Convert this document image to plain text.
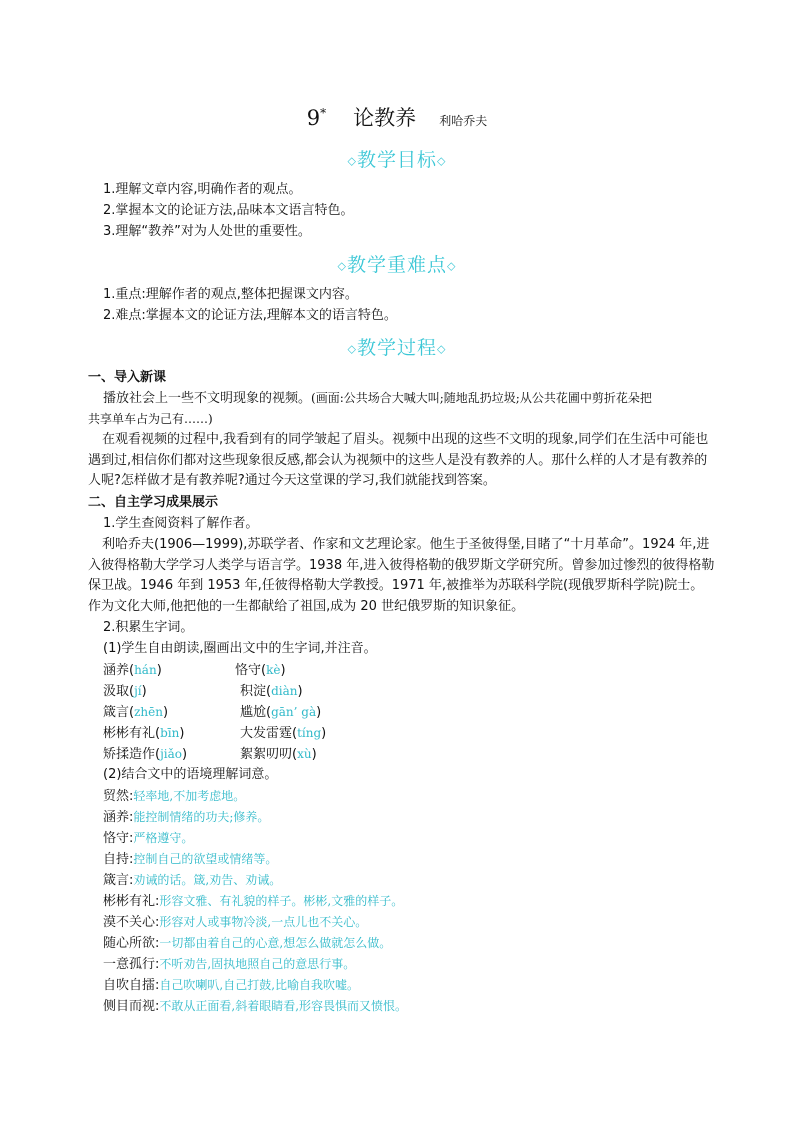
9* 论教养 利哈乔夫
◇教学目标◇
1.理解文章内容,明确作者的观点。
2.掌握本文的论证方法,品味本文语言特色。
3.理解“教养”对为人处世的重要性。
◇教学重难点◇
1.重点:理解作者的观点,整体把握课文内容。
2.难点:掌握本文的论证方法,理解本文的语言特色。
◇教学过程◇
一、导入新课
播放社会上一些不文明现象的视频。(画面:公共场合大喊大叫;随地乱扔垃圾;从公共花圃中剪折花朵把
共享单车占为己有……)
在观看视频的过程中,我看到有的同学皱起了眉头。视频中出现的这些不文明的现象,同学们在生活中可能也遇到过,相信你们都对这些现象很反感,都会认为视频中的这些人是没有教养的人。那什么样的人才是有教养的人呢?怎样做才是有教养呢?通过今天这堂课的学习,我们就能找到答案。
二、自主学习成果展示
1.学生查阅资料了解作者。
利哈乔夫(1906—1999),苏联学者、作家和文艺理论家。他生于圣彼得堡,目睹了“十月革命”。1924 年,进入彼得格勒大学学习人类学与语言学。1938 年,进入彼得格勒的俄罗斯文学研究所。曾参加过惨烈的彼得格勒保卫战。1946 年到 1953 年,任彼得格勒大学教授。1971 年,被推举为苏联科学院(现俄罗斯科学院)院士。作为文化大师,他把他的一生都献给了祖国,成为 20 世纪俄罗斯的知识象征。
2.积累生字词。
(1)学生自由朗读,圈画出文中的生字词,并注音。
涵养(hán)	恪守(kè)
汲取(jí)	积淀(diàn)
箴言(zhēn)	尴尬(gān’ gà)
彬彬有礼(bīn)	大发雷霆(tíng)
矫揉造作(jiǎo)	絮絮叨叨(xù)
(2)结合文中的语境理解词意。
贸然:轻率地,不加考虑地。
涵养:能控制情绪的功夫;修养。
恪守:严格遵守。
自持:控制自己的欲望或情绪等。
箴言:劝诫的话。箴,劝告、劝诫。
彬彬有礼:形容文雅、有礼貌的样子。彬彬,文雅的样子。
漠不关心:形容对人或事物冷淡,一点儿也不关心。
随心所欲:一切都由着自己的心意,想怎么做就怎么做。
一意孤行:不听劝告,固执地照自己的意思行事。
自吹自擂:自己吹喇叭,自己打鼓,比喻自我吹嘘。
侧目而视:不敢从正面看,斜着眼睛看,形容畏惧而又愤恨。
